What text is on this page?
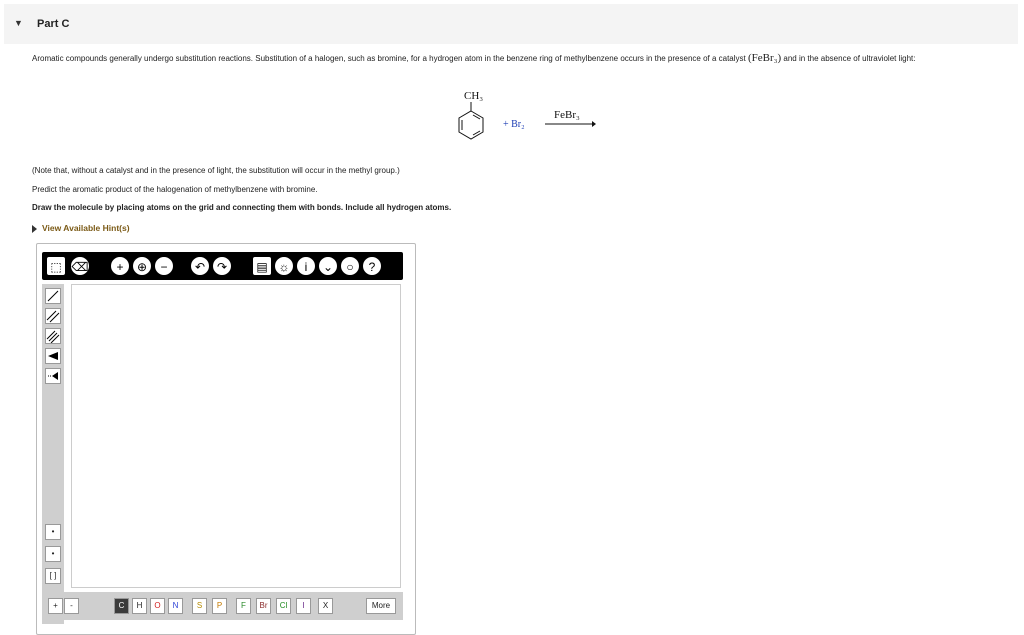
▼ Part C
Aromatic compounds generally undergo substitution reactions. Substitution of a halogen, such as bromine, for a hydrogen atom in the benzene ring of methylbenzene occurs in the presence of a catalyst (FeBr₃) and in the absence of ultraviolet light:
CH₃
+ Br₂
FeBr₃
(Note that, without a catalyst and in the presence of light, the substitution will occur in the methyl group.)
Predict the aromatic product of the halogenation of methylbenzene with bromine.
Draw the molecule by placing atoms on the grid and connecting them with bonds. Include all hydrogen atoms.
View Available Hint(s)
⬚ ⌫	+	⊕	−	↶ ↷	▤ ☼	i	⌄	○	?
•
•
[ ]
+	-	C	H	O	N	S	P	F	Br	Cl	I	X	More
